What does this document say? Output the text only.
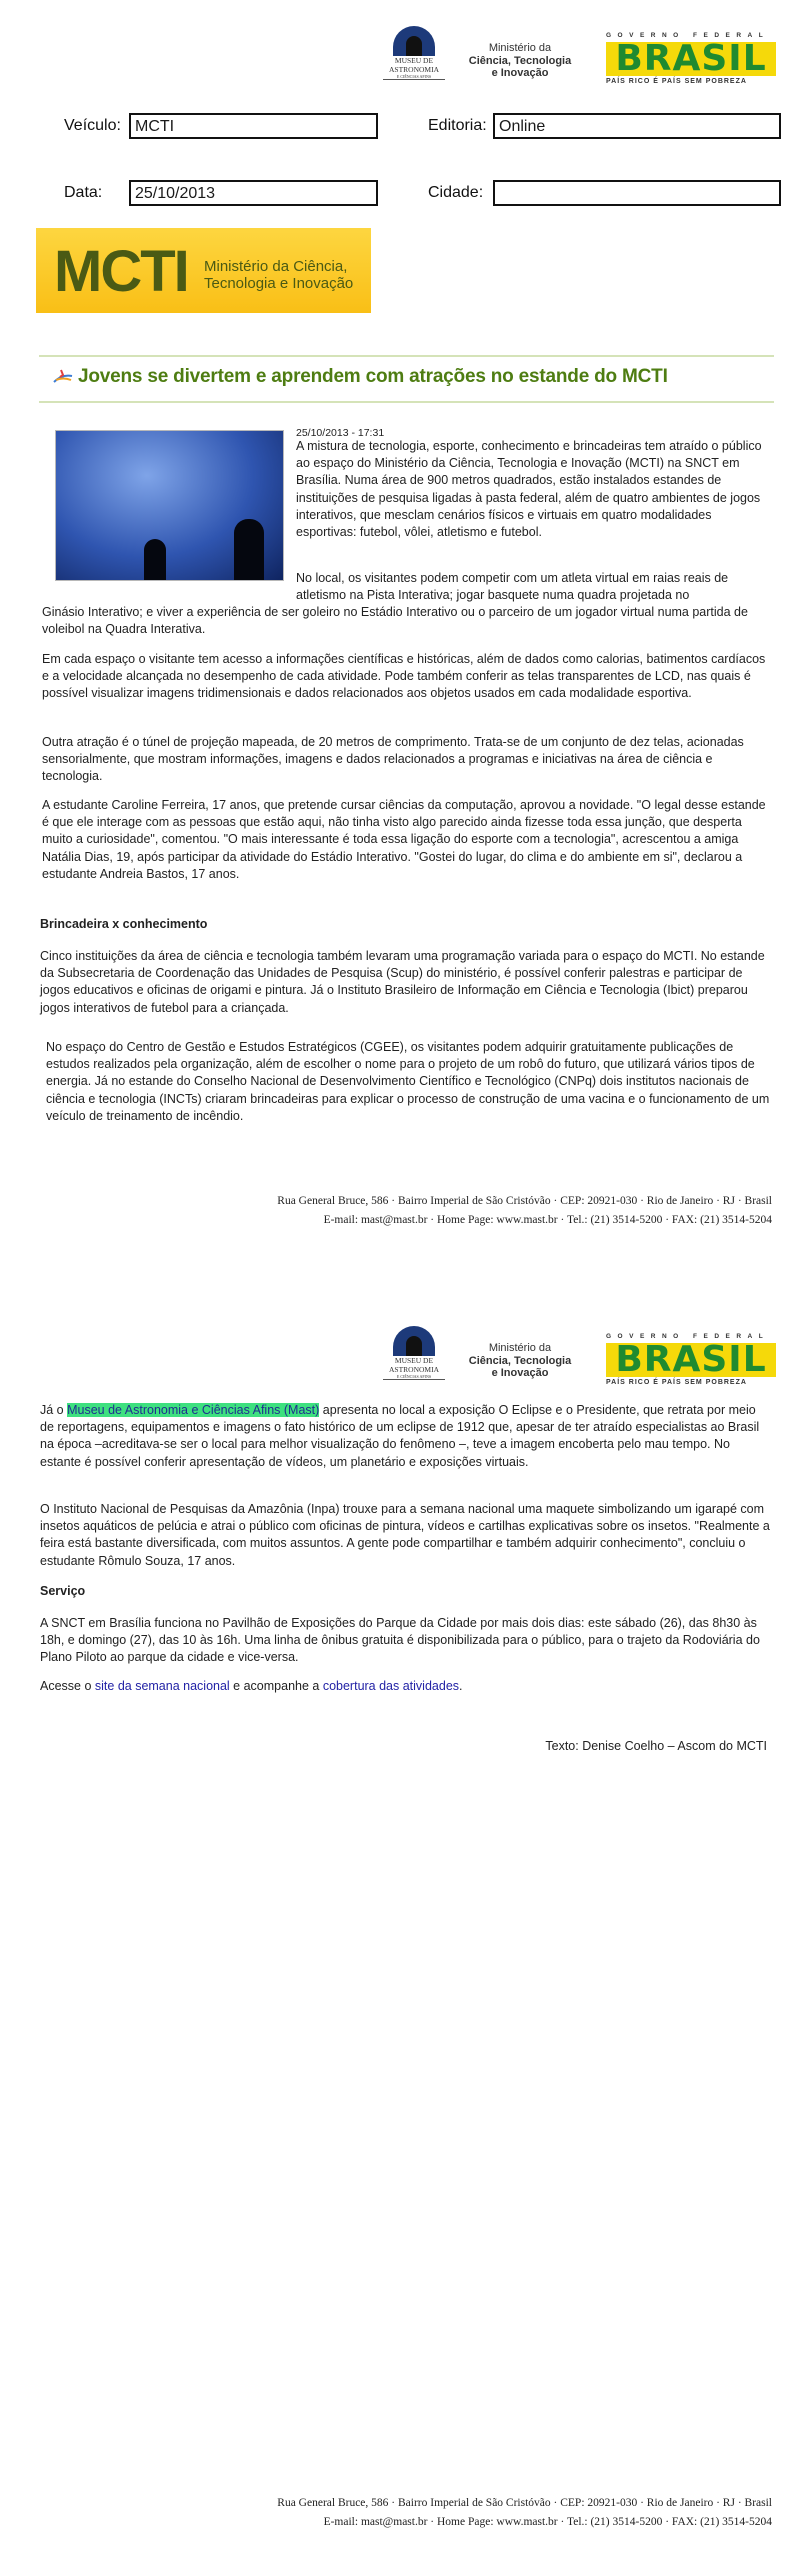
MUSEU DE
ASTRONOMIA
E CIÊNCIAS AFINS
Ministério da
Ciência, Tecnologia
e Inovação
GOVERNO FEDERAL
BRASIL
PAÍS RICO É PAÍS SEM POBREZA
Veículo: MCTI	Editoria: Online
Data:	25/10/2013	Cidade:
MCTI Ministério da Ciência,
Tecnologia e Inovação
Jovens se divertem e aprendem com atrações no estande do MCTI
25/10/2013 - 17:31

A mistura de tecnologia, esporte, conhecimento e brincadeiras tem atraído o público ao espaço do Ministério da Ciência, Tecnologia e Inovação (MCTI) na SNCT em Brasília. Numa área de 900 metros quadrados, estão instalados estandes de instituições de pesquisa ligadas à pasta federal, além de quatro ambientes de jogos interativos, que mesclam cenários físicos e virtuais em quatro modalidades esportivas: futebol, vôlei, atletismo e futebol.

No local, os visitantes podem competir com um atleta virtual em raias reais de atletismo na Pista Interativa; jogar basquete numa quadra projetada no

Ginásio Interativo; e viver a experiência de ser goleiro no Estádio Interativo ou o parceiro de um jogador virtual numa partida de voleibol na Quadra Interativa.

Em cada espaço o visitante tem acesso a informações científicas e históricas, além de dados como calorias, batimentos cardíacos e a velocidade alcançada no desempenho de cada atividade. Pode também conferir as telas transparentes de LCD, nas quais é possível visualizar imagens tridimensionais e dados relacionados aos objetos usados em cada modalidade esportiva.

Outra atração é o túnel de projeção mapeada, de 20 metros de comprimento. Trata-se de um conjunto de dez telas, acionadas sensorialmente, que mostram informações, imagens e dados relacionados a programas e iniciativas na área de ciência e tecnologia.

A estudante Caroline Ferreira, 17 anos, que pretende cursar ciências da computação, aprovou a novidade. "O legal desse estande é que ele interage com as pessoas que estão aqui, não tinha visto algo parecido ainda fizesse toda essa junção, que desperta muito a curiosidade", comentou. "O mais interessante é toda essa ligação do esporte com a tecnologia", acrescentou a amiga Natália Dias, 19, após participar da atividade do Estádio Interativo. "Gostei do lugar, do clima e do ambiente em si", declarou a estudante Andreia Bastos, 17 anos.

Brincadeira x conhecimento

Cinco instituições da área de ciência e tecnologia também levaram uma programação variada para o espaço do MCTI. No estande da Subsecretaria de Coordenação das Unidades de Pesquisa (Scup) do ministério, é possível conferir palestras e participar de jogos educativos e oficinas de origami e pintura. Já o Instituto Brasileiro de Informação em Ciência e Tecnologia (Ibict) preparou jogos interativos de futebol para a criançada.

No espaço do Centro de Gestão e Estudos Estratégicos (CGEE), os visitantes podem adquirir gratuitamente publicações de estudos realizados pela organização, além de escolher o nome para o projeto de um robô do futuro, que utilizará vários tipos de energia. Já no estande do Conselho Nacional de Desenvolvimento Científico e Tecnológico (CNPq) dois institutos nacionais de ciência e tecnologia (INCTs) criaram brincadeiras para explicar o processo de construção de uma vacina e o funcionamento de um veículo de treinamento de incêndio.

Rua General Bruce, 586 · Bairro Imperial de São Cristóvão · CEP: 20921-030 · Rio de Janeiro · RJ · Brasil
E-mail: mast@mast.br · Home Page: www.mast.br · Tel.: (21) 3514-5200 · FAX: (21) 3514-5204
MUSEU DE
ASTRONOMIA
E CIÊNCIAS AFINS
Ministério da
Ciência, Tecnologia
e Inovação
GOVERNO FEDERAL
BRASIL
PAÍS RICO É PAÍS SEM POBREZA

Já o Museu de Astronomia e Ciências Afins (Mast) apresenta no local a exposição O Eclipse e o Presidente, que retrata por meio de reportagens, equipamentos e imagens o fato histórico de um eclipse de 1912 que, apesar de ter atraído especialistas ao Brasil na época –acreditava-se ser o local para melhor visualização do fenômeno –, teve a imagem encoberta pelo mau tempo. No estante é possível conferir apresentação de vídeos, um planetário e exposições virtuais.

O Instituto Nacional de Pesquisas da Amazônia (Inpa) trouxe para a semana nacional uma maquete simbolizando um igarapé com insetos aquáticos de pelúcia e atrai o público com oficinas de pintura, vídeos e cartilhas explicativas sobre os insetos. "Realmente a feira está bastante diversificada, com muitos assuntos. A gente pode compartilhar e também adquirir conhecimento", concluiu o estudante Rômulo Souza, 17 anos.

Serviço

A SNCT em Brasília funciona no Pavilhão de Exposições do Parque da Cidade por mais dois dias: este sábado (26), das 8h30 às 18h, e domingo (27), das 10 às 16h. Uma linha de ônibus gratuita é disponibilizada para o público, para o trajeto da Rodoviária do Plano Piloto ao parque da cidade e vice-versa.

Acesse o site da semana nacional e acompanhe a cobertura das atividades.

Texto: Denise Coelho – Ascom do MCTI
Rua General Bruce, 586 · Bairro Imperial de São Cristóvão · CEP: 20921-030 · Rio de Janeiro · RJ · Brasil
E-mail: mast@mast.br · Home Page: www.mast.br · Tel.: (21) 3514-5200 · FAX: (21) 3514-5204
